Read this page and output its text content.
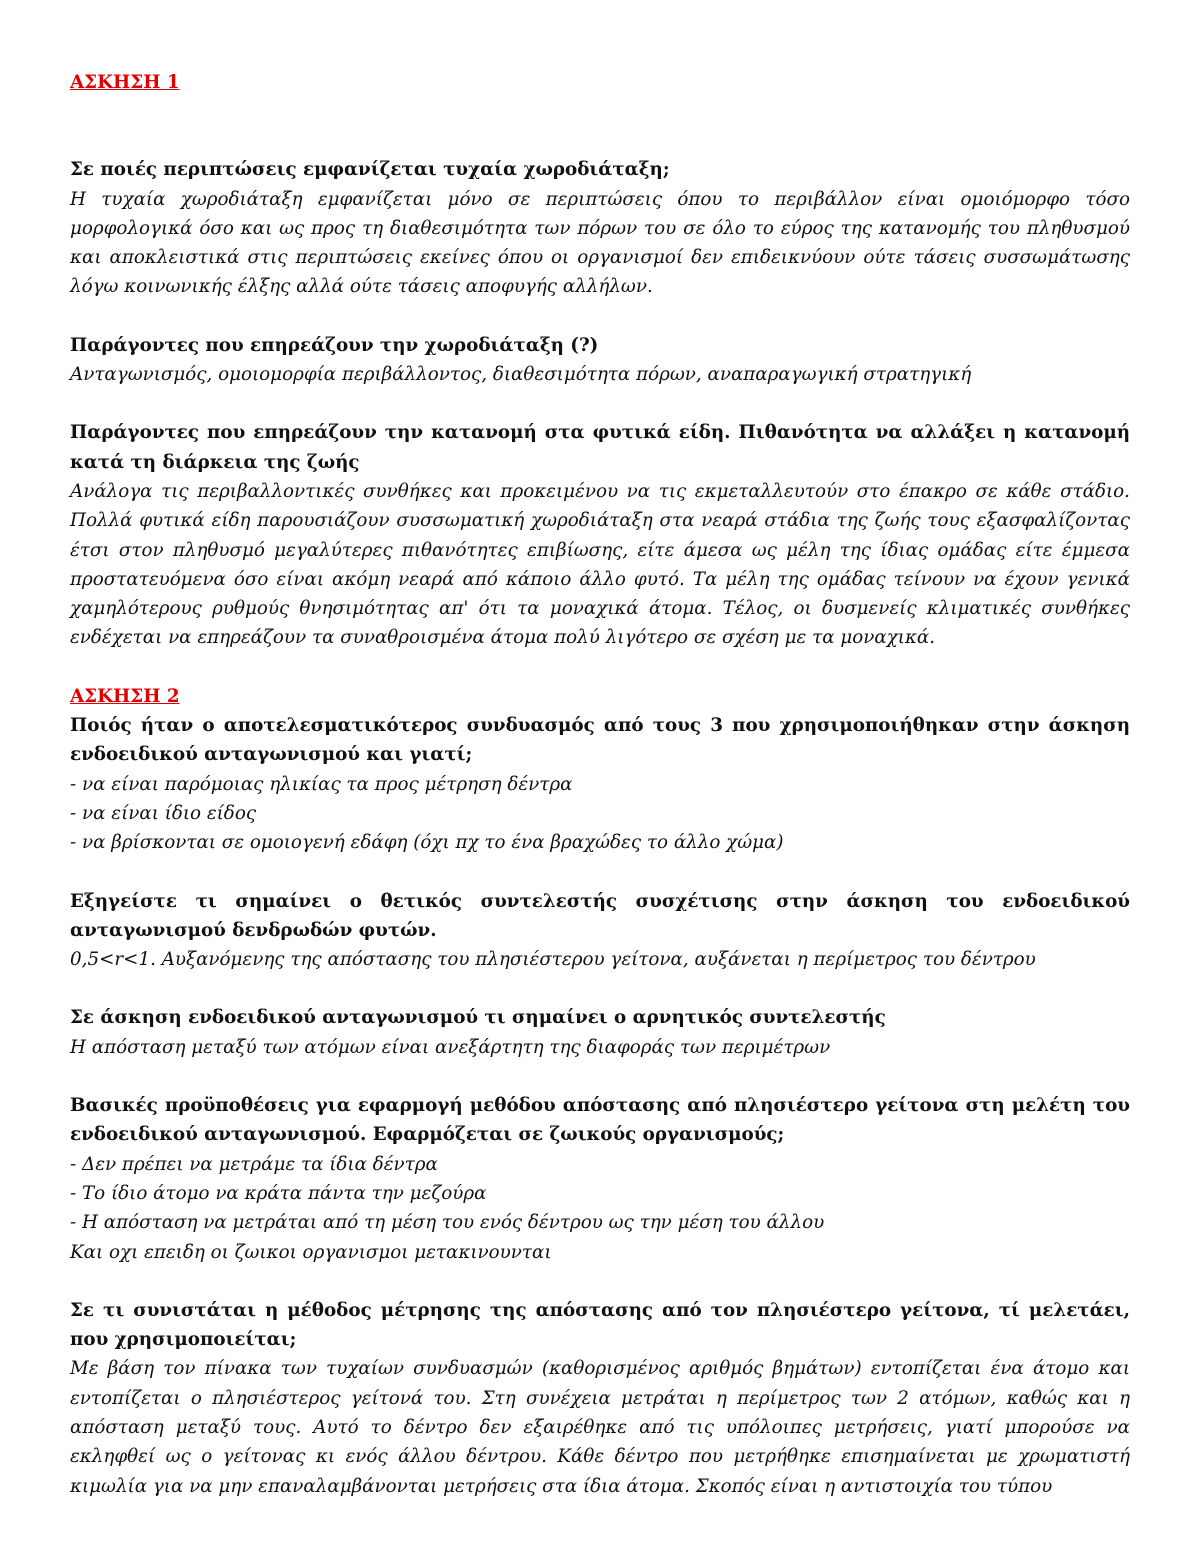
ΑΣΚΗΣΗ 1
Σε ποιές περιπτώσεις εμφανίζεται τυχαία χωροδιάταξη;
Η τυχαία χωροδιάταξη εμφανίζεται μόνο σε περιπτώσεις όπου το περιβάλλον είναι ομοιόμορφο τόσο μορφολογικά όσο και ως προς τη διαθεσιμότητα των πόρων του σε όλο το εύρος της κατανομής του πληθυσμού και αποκλειστικά στις περιπτώσεις εκείνες όπου οι οργανισμοί δεν επιδεικνύουν ούτε τάσεις συσσωμάτωσης λόγω κοινωνικής έλξης αλλά ούτε τάσεις αποφυγής αλλήλων.
Παράγοντες που επηρεάζουν την χωροδιάταξη (?)
Ανταγωνισμός, ομοιομορφία περιβάλλοντος, διαθεσιμότητα πόρων, αναπαραγωγική στρατηγική
Παράγοντες που επηρεάζουν την κατανομή στα φυτικά είδη. Πιθανότητα να αλλάξει η κατανομή κατά τη διάρκεια της ζωής
Ανάλογα τις περιβαλλοντικές συνθήκες και προκειμένου να τις εκμεταλλευτούν στο έπακρο σε κάθε στάδιο. Πολλά φυτικά είδη παρουσιάζουν συσσωματική χωροδιάταξη στα νεαρά στάδια της ζωής τους εξασφαλίζοντας έτσι στον πληθυσμό μεγαλύτερες πιθανότητες επιβίωσης, είτε άμεσα ως μέλη της ίδιας ομάδας είτε έμμεσα προστατευόμενα όσο είναι ακόμη νεαρά από κάποιο άλλο φυτό. Τα μέλη της ομάδας τείνουν να έχουν γενικά χαμηλότερους ρυθμούς θνησιμότητας απ' ότι τα μοναχικά άτομα. Τέλος, οι δυσμενείς κλιματικές συνθήκες ενδέχεται να επηρεάζουν τα συναθροισμένα άτομα πολύ λιγότερο σε σχέση με τα μοναχικά.
ΑΣΚΗΣΗ 2
Ποιός ήταν ο αποτελεσματικότερος συνδυασμός από τους 3 που χρησιμοποιήθηκαν στην άσκηση ενδοειδικού ανταγωνισμού και γιατί;
- να είναι παρόμοιας ηλικίας τα προς μέτρηση δέντρα
- να είναι ίδιο είδος
- να βρίσκονται σε ομοιογενή εδάφη (όχι πχ το ένα βραχώδες το άλλο χώμα)
Εξηγείστε τι σημαίνει ο θετικός συντελεστής συσχέτισης στην άσκηση του ενδοειδικού ανταγωνισμού δενδρωδών φυτών.
0,5<r<1. Αυξανόμενης της απόστασης του πλησιέστερου γείτονα, αυξάνεται η περίμετρος του δέντρου
Σε άσκηση ενδοειδικού ανταγωνισμού τι σημαίνει ο αρνητικός συντελεστής
Η απόσταση μεταξύ των ατόμων είναι ανεξάρτητη της διαφοράς των περιμέτρων
Βασικές προϋποθέσεις για εφαρμογή μεθόδου απόστασης από πλησιέστερο γείτονα στη μελέτη του ενδοειδικού ανταγωνισμού. Εφαρμόζεται σε ζωικούς οργανισμούς;
- Δεν πρέπει να μετράμε τα ίδια δέντρα
- Το ίδιο άτομο να κράτα πάντα την μεζούρα
- Η απόσταση να μετράται από τη μέση του ενός δέντρου ως την μέση του άλλου
Και οχι επειδη οι ζωικοι οργανισμοι μετακινουνται
Σε τι συνιστάται η μέθοδος μέτρησης της απόστασης από τον πλησιέστερο γείτονα, τί μελετάει, που χρησιμοποιείται;
Με βάση τον πίνακα των τυχαίων συνδυασμών (καθορισμένος αριθμός βημάτων) εντοπίζεται ένα άτομο και εντοπίζεται ο πλησιέστερος γείτονά του. Στη συνέχεια μετράται η περίμετρος των 2 ατόμων, καθώς και η απόσταση μεταξύ τους. Αυτό το δέντρο δεν εξαιρέθηκε από τις υπόλοιπες μετρήσεις, γιατί μπορούσε να εκληφθεί ως ο γείτονας κι ενός άλλου δέντρου. Κάθε δέντρο που μετρήθηκε επισημαίνεται με χρωματιστή κιμωλία για να μην επαναλαμβάνονται μετρήσεις στα ίδια άτομα. Σκοπός είναι η αντιστοιχία του τύπου
